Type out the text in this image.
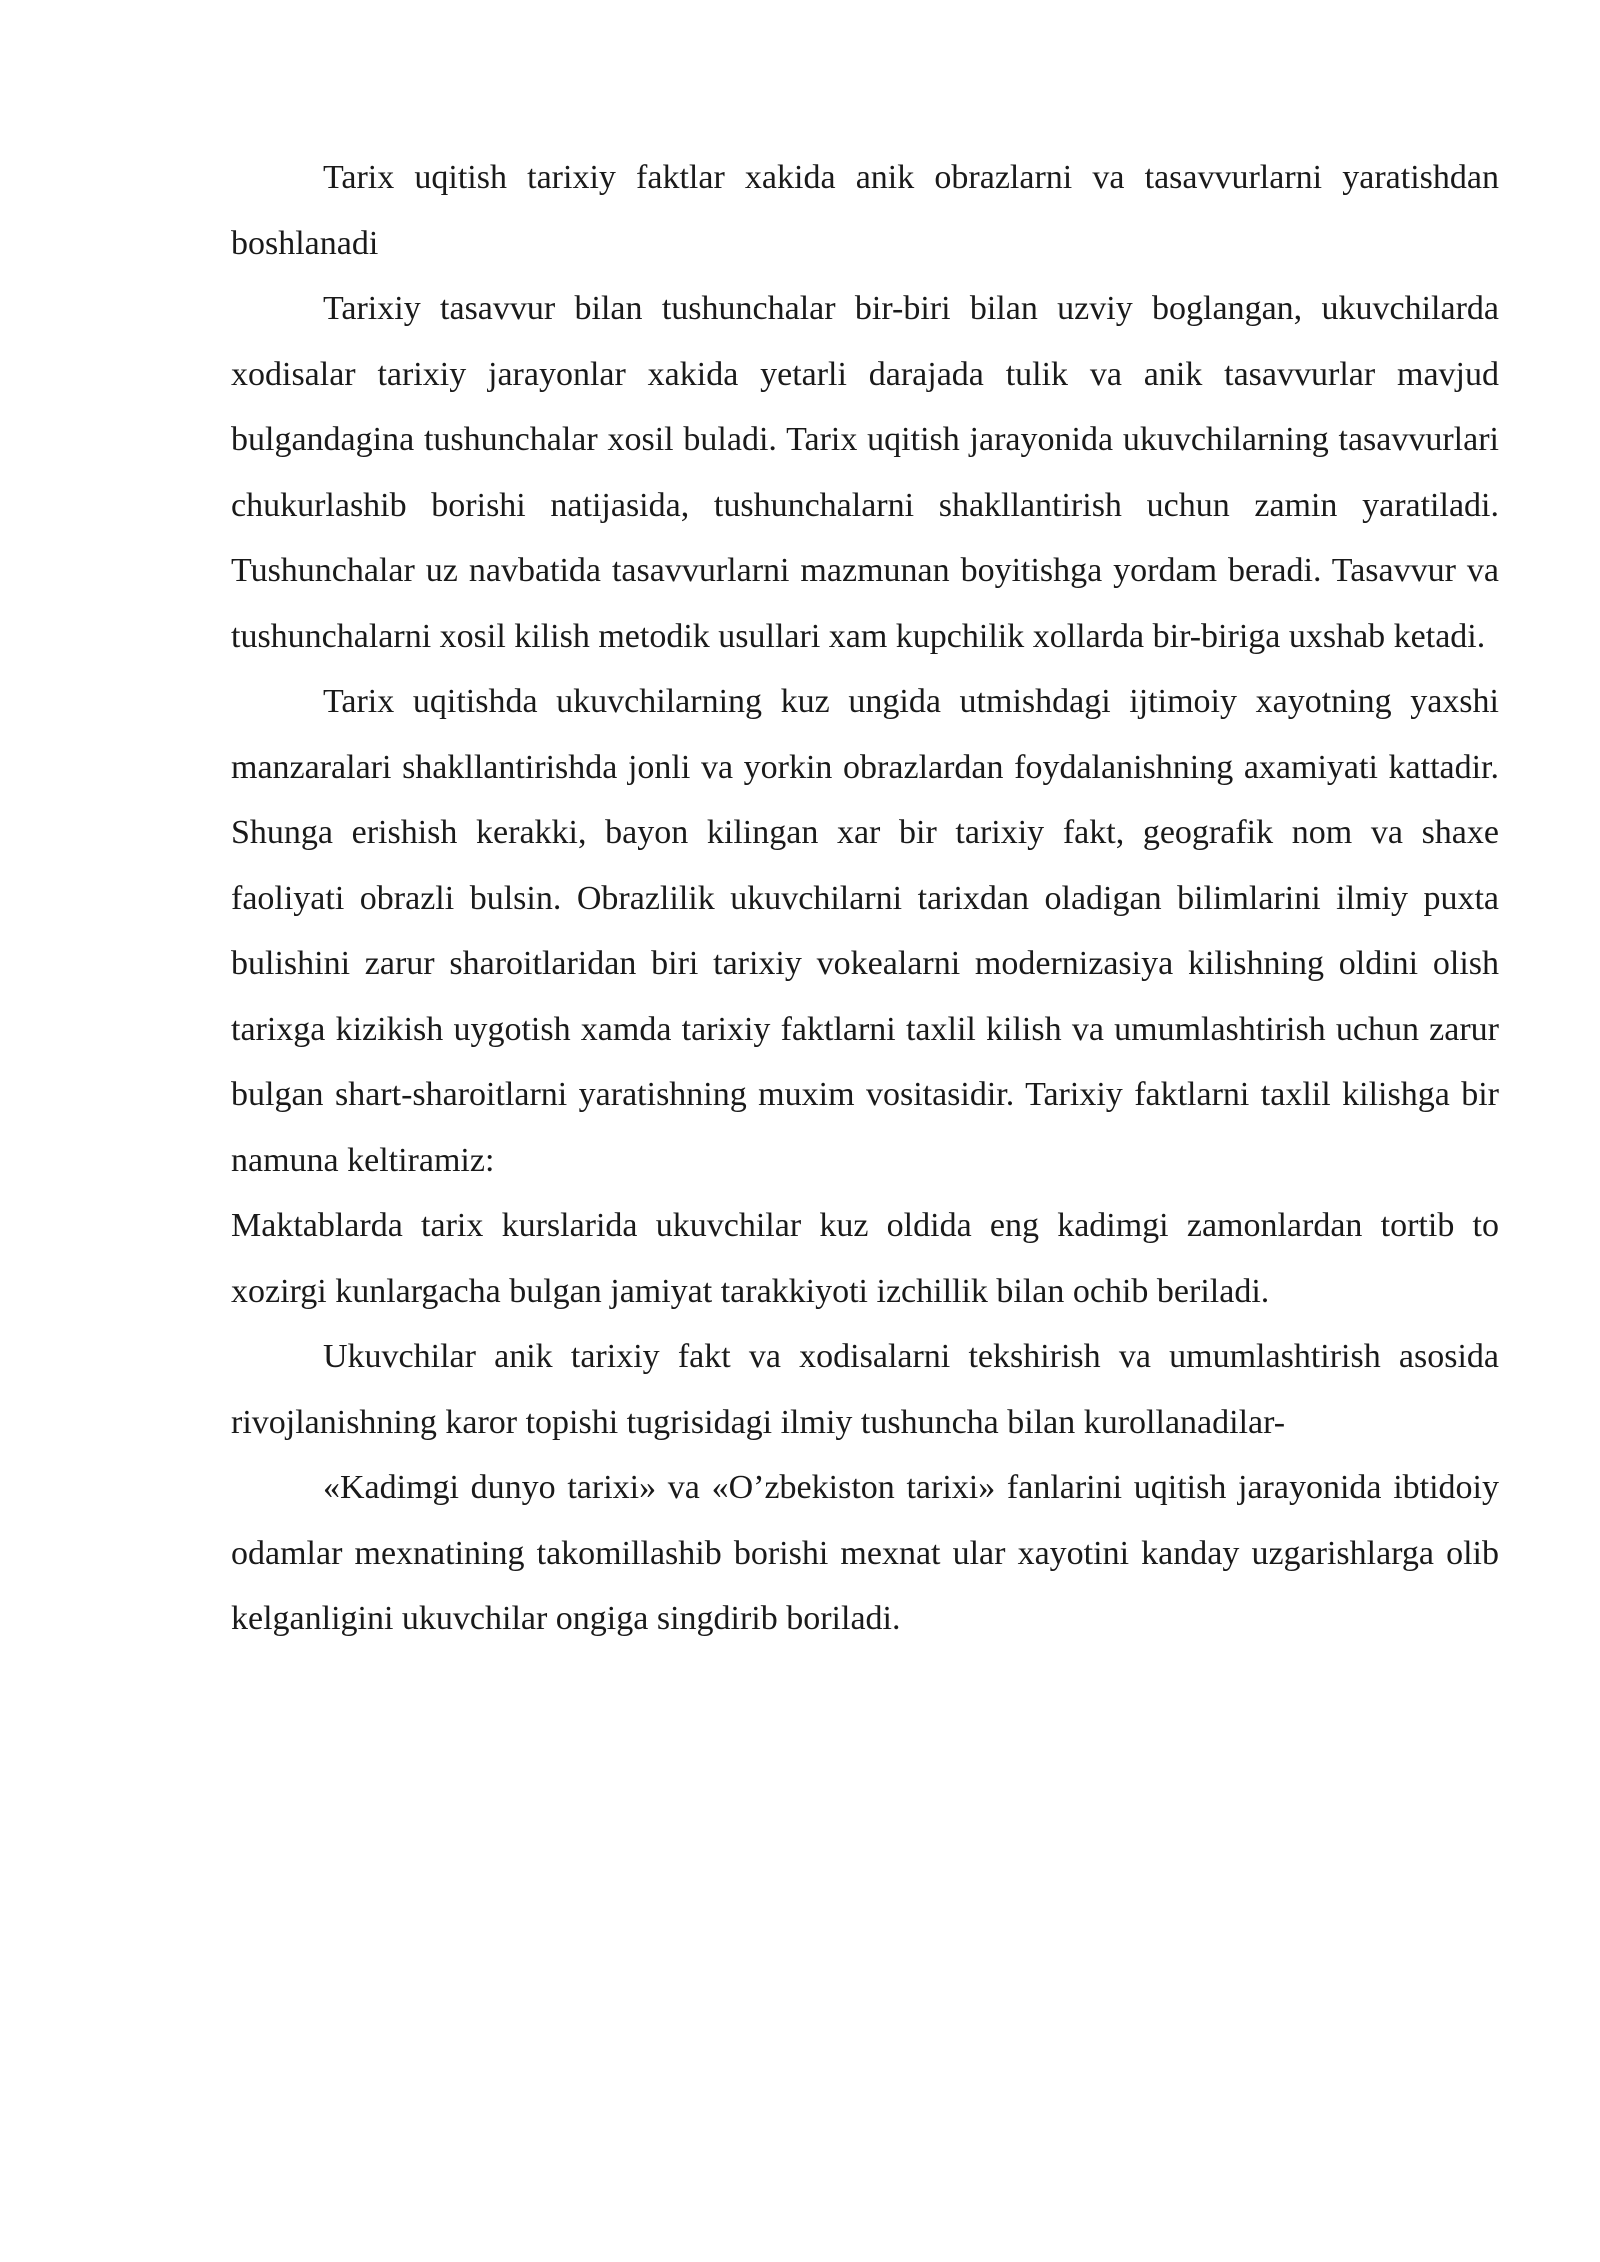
Tarix uqitish tarixiy faktlar xakida anik obrazlarni va tasavvurlarni yaratishdan boshlanadi

Tarixiy tasavvur bilan tushunchalar bir-biri bilan uzviy boglangan, ukuvchilarda xodisalar tarixiy jarayonlar xakida yetarli darajada tulik va anik tasavvurlar mavjud bulgandagina tushunchalar xosil buladi. Tarix uqitish jarayonida ukuvchilarning tasavvurlari chukurlashib borishi natijasida, tushunchalarni shakllantirish uchun zamin yaratiladi. Tushunchalar uz navbatida tasavvurlarni mazmunan boyitishga yordam beradi. Tasavvur va tushunchalarni xosil kilish metodik usullari xam kupchilik xollarda bir-biriga uxshab ketadi.

Tarix uqitishda ukuvchilarning kuz ungida utmishdagi ijtimoiy xayotning yaxshi manzaralari shakllantirishda jonli va yorkin obrazlardan foydalanishning axamiyati kattadir. Shunga erishish kerakki, bayon kilingan xar bir tarixiy fakt, geografik nom va shaxe faoliyati obrazli bulsin. Obrazlilik ukuvchilarni tarixdan oladigan bilimlarini ilmiy puxta bulishini zarur sharoitlaridan biri tarixiy vokealarni modernizasiya kilishning oldini olish tarixga kizikish uygotish xamda tarixiy faktlarni taxlil kilish va umumlashtirish uchun zarur bulgan shart-sharoitlarni yaratishning muxim vositasidir. Tarixiy faktlarni taxlil kilishga bir namuna keltiramiz:

Maktablarda tarix kurslarida ukuvchilar kuz oldida eng kadimgi zamonlardan tortib to xozirgi kunlargacha bulgan jamiyat tarakkiyoti izchillik bilan ochib beriladi.

Ukuvchilar anik tarixiy fakt va xodisalarni tekshirish va umumlashtirish asosida rivojlanishning karor topishi tugrisidagi ilmiy tushuncha bilan kurollanadilar-

«Kadimgi dunyo tarixi» va «O’zbekiston tarixi» fanlarini uqitish jarayonida ibtidoiy odamlar mexnatining takomillashib borishi mexnat ular xayotini kanday uzgarishlarga olib kelganligini ukuvchilar ongiga singdirib boriladi.
